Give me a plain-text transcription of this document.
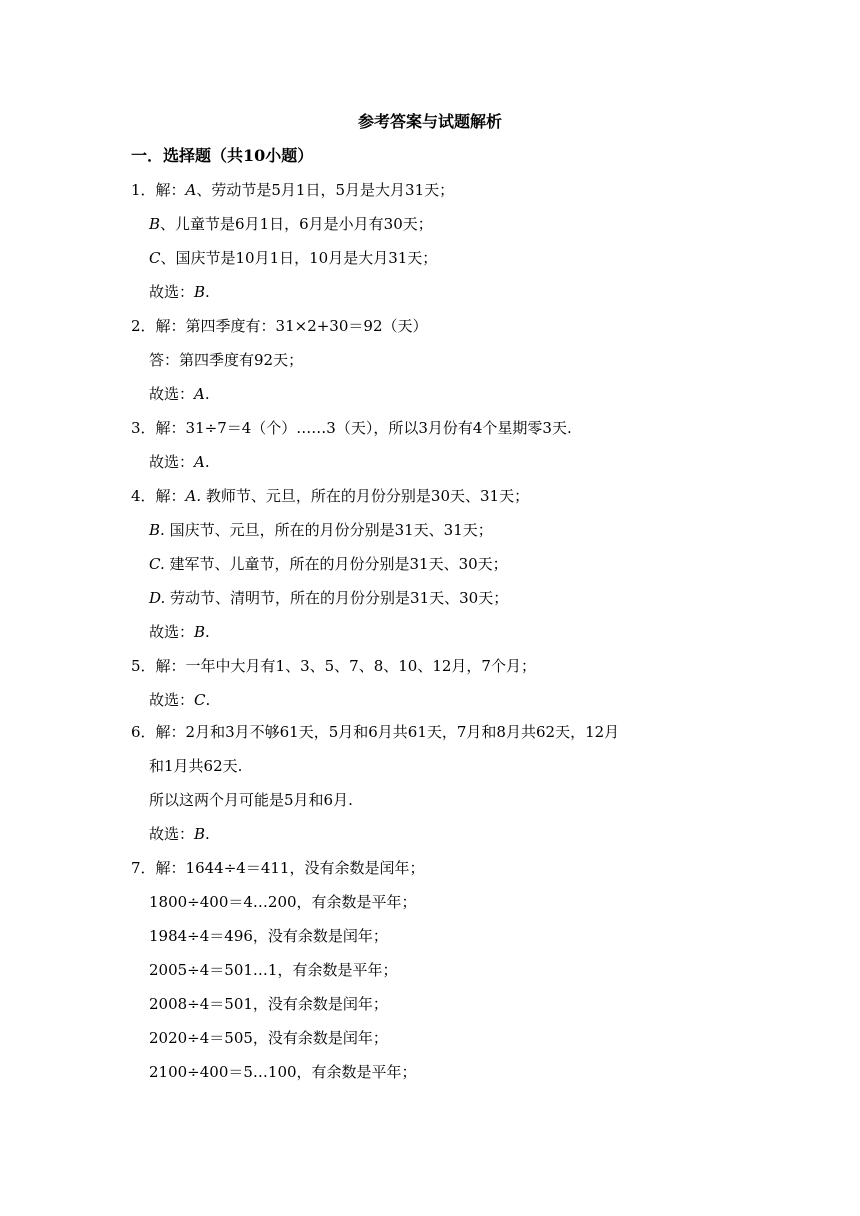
参考答案与试题解析
一．选择题（共10小题）
1．解：A、劳动节是5月1日，5月是大月31天；
B、儿童节是6月1日，6月是小月有30天；
C、国庆节是10月1日，10月是大月31天；
故选：B.
2．解：第四季度有：31×2+30＝92（天）
答：第四季度有92天；
故选：A.
3．解：31÷7＝4（个）……3（天），所以3月份有4个星期零3天.
故选：A.
4．解：A. 教师节、元旦，所在的月份分别是30天、31天；
B. 国庆节、元旦，所在的月份分别是31天、31天；
C. 建军节、儿童节，所在的月份分别是31天、30天；
D. 劳动节、清明节，所在的月份分别是31天、30天；
故选：B.
5．解：一年中大月有1、3、5、7、8、10、12月，7个月；
故选：C.
6．解：2月和3月不够61天，5月和6月共61天，7月和8月共62天，12月
和1月共62天.
所以这两个月可能是5月和6月.
故选：B.
7．解：1644÷4＝411，没有余数是闰年；
1800÷400＝4…200，有余数是平年；
1984÷4＝496，没有余数是闰年；
2005÷4＝501…1，有余数是平年；
2008÷4＝501，没有余数是闰年；
2020÷4＝505，没有余数是闰年；
2100÷400＝5…100，有余数是平年；
